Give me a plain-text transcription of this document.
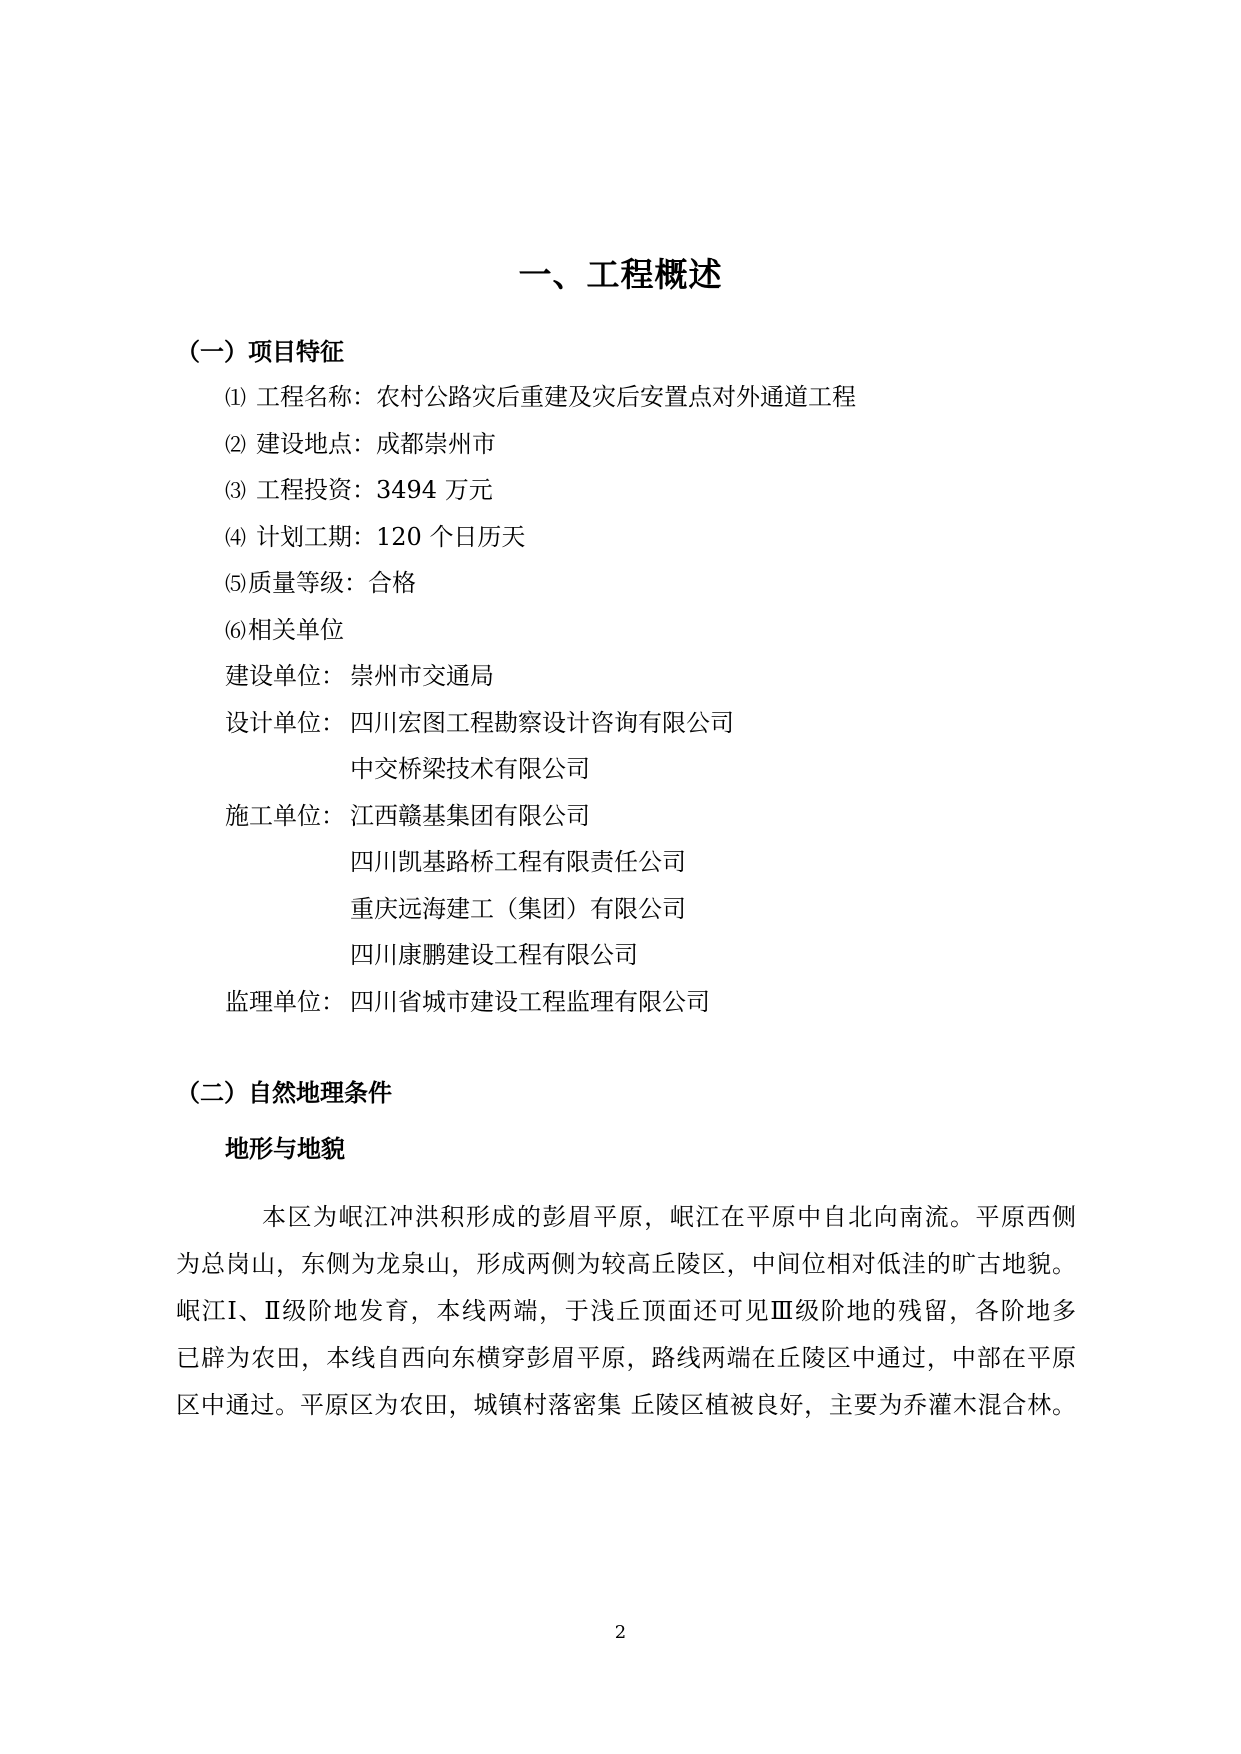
一、工程概述
（一）项目特征
⑴ 工程名称：农村公路灾后重建及灾后安置点对外通道工程
⑵ 建设地点：成都崇州市
⑶ 工程投资：3494 万元
⑷ 计划工期：120 个日历天
⑸质量等级：合格
⑹相关单位
建设单位： 崇州市交通局
设计单位： 四川宏图工程勘察设计咨询有限公司
中交桥梁技术有限公司
施工单位： 江西赣基集团有限公司
四川凯基路桥工程有限责任公司
重庆远海建工（集团）有限公司
四川康鹏建设工程有限公司
监理单位： 四川省城市建设工程监理有限公司
（二）自然地理条件
地形与地貌
本区为岷江冲洪积形成的彭眉平原，岷江在平原中自北向南流。平原西侧
为总岗山，东侧为龙泉山，形成两侧为较高丘陵区，中间位相对低洼的旷古地貌。
岷江Ⅰ、Ⅱ级阶地发育，本线两端，于浅丘顶面还可见Ⅲ级阶地的残留，各阶地多
已辟为农田，本线自西向东横穿彭眉平原，路线两端在丘陵区中通过，中部在平原
区中通过。平原区为农田，城镇村落密集 丘陵区植被良好，主要为乔灌木混合林。
2
